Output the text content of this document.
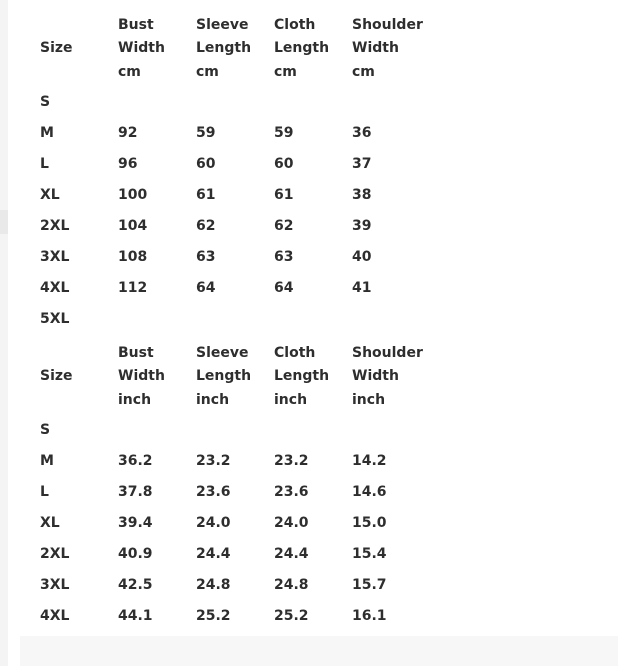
Size	Bust
Width
cm	Sleeve
Length
cm	Cloth
Length
cm	Shoulder
Width
cm

S				
M	92	59	59	36
L	96	60	60	37
XL	100	61	61	38
2XL	104	62	62	39
3XL	108	63	63	40
4XL	112	64	64	41
5XL				
Size	Bust
Width
inch	Sleeve
Length
inch	Cloth
Length
inch	Shoulder
Width
inch

S				
M	36.2	23.2	23.2	14.2
L	37.8	23.6	23.6	14.6
XL	39.4	24.0	24.0	15.0
2XL	40.9	24.4	24.4	15.4
3XL	42.5	24.8	24.8	15.7
4XL	44.1	25.2	25.2	16.1
